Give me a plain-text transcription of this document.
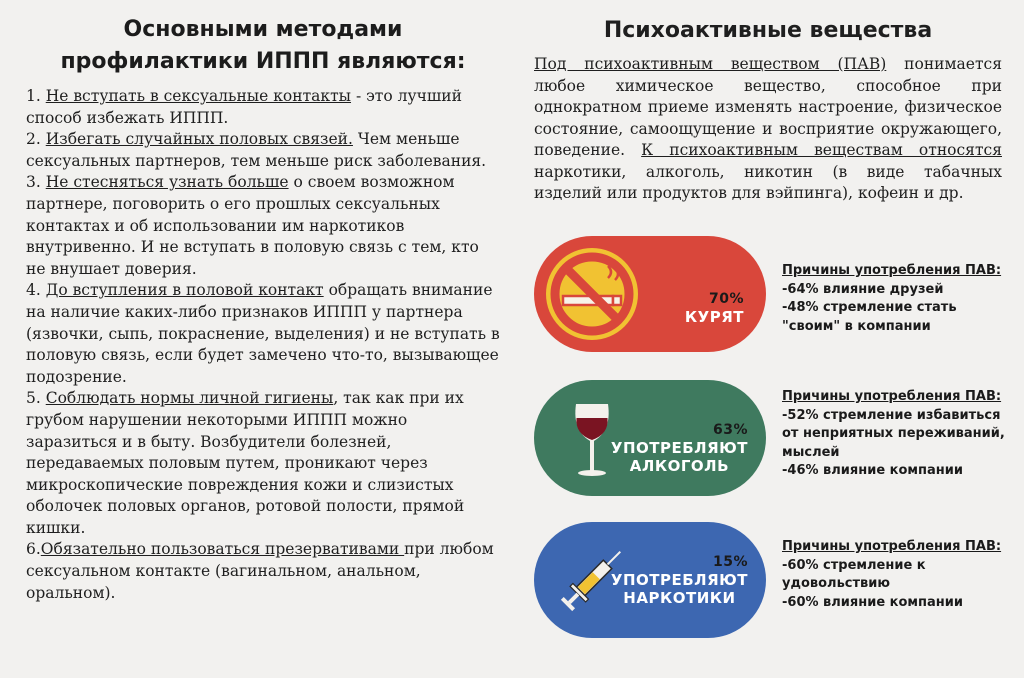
Основными методами
профилактики ИППП являются:

1. Не вступать в сексуальные контакты - это лучший способ избежать ИППП.

2. Избегать случайных половых связей. Чем меньше сексуальных партнеров, тем меньше риск заболевания.

3. Не стесняться узнать больше о своем возможном партнере, поговорить о его прошлых сексуальных контактах и об использовании им наркотиков внутривенно. И не вступать в половую связь с тем, кто не внушает доверия.

4. До вступления в половой контакт обращать внимание на наличие каких-либо признаков ИППП у партнера (язвочки, сыпь, покраснение, выделения) и не вступать в половую связь, если будет замечено что-то, вызывающее подозрение.

5. Соблюдать нормы личной гигиены, так как при их грубом нарушении некоторыми ИППП можно заразиться и в быту. Возбудители болезней, передаваемых половым путем, проникают через микроскопические повреждения кожи и слизистых оболочек половых органов, ротовой полости, прямой кишки.

6.Обязательно пользоваться презервативами при любом сексуальном контакте (вагинальном, анальном, оральном).

Психоактивные вещества
Под психоактивным веществом (ПАВ) понимается любое химическое вещество, способное при однократном приеме изменять настроение, физическое состояние, самоощущение и восприятие окружающего, поведение. К психоактивным веществам относятся наркотики, алкоголь, никотин (в виде табачных изделий или продуктов для вэйпинга), кофеин и др.
70%
КУРЯТ
Причины употребления ПАВ:
-64% влияние друзей
-48% стремление стать
"своим" в компании
63%
УПОТРЕБЛЯЮТ
АЛКОГОЛЬ
Причины употребления ПАВ:
-52% стремление избавиться
от неприятных переживаний,
мыслей
-46% влияние компании
15%
УПОТРЕБЛЯЮТ
НАРКОТИКИ
Причины употребления ПАВ:
-60% стремление к
удовольствию
-60% влияние компании
